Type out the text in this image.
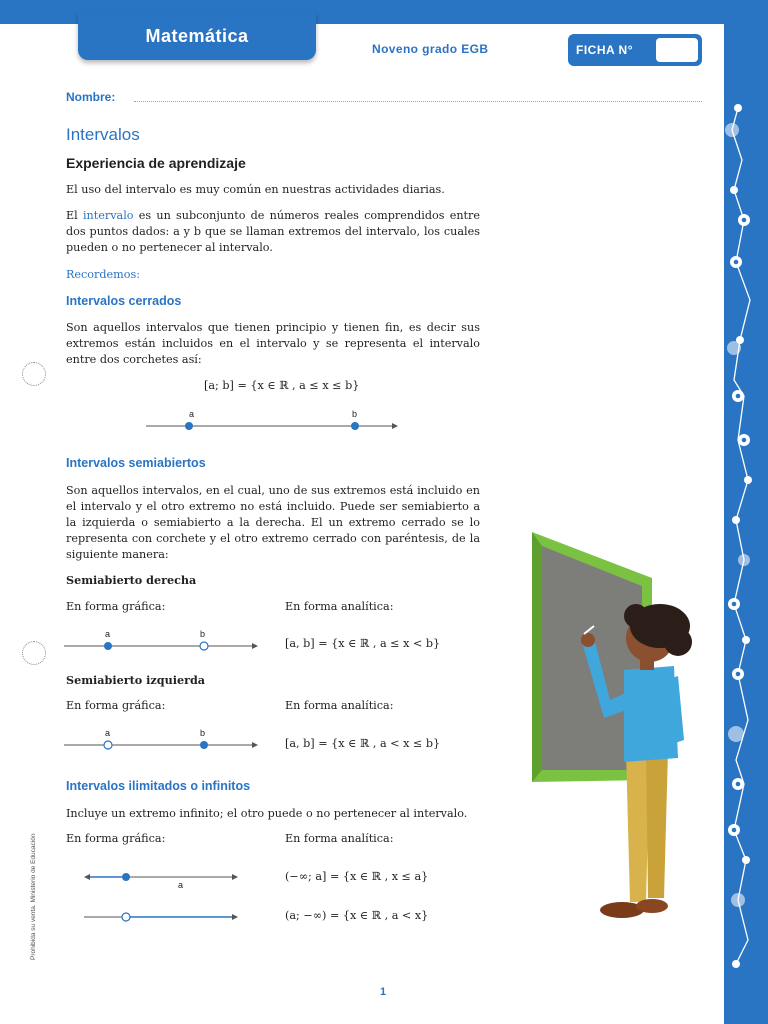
Matemática
Noveno grado EGB	FICHA N°
Nombre:
Intervalos
Experiencia de aprendizaje
El uso del intervalo es muy común en nuestras actividades diarias.
El intervalo es un subconjunto de números reales comprendidos entre dos puntos dados: a y b que se llaman extremos del intervalo, los cuales pueden o no pertenecer al intervalo.
Recordemos:
Intervalos cerrados
Son aquellos intervalos que tienen principio y tienen fin, es decir sus extremos están incluidos en el intervalo y se representa el intervalo entre dos corchetes así:
[a; b] = {x ∈ ℝ , a ≤ x ≤ b}
a	b
Intervalos semiabiertos
Son aquellos intervalos, en el cual, uno de sus extremos está incluido en el intervalo y el otro extremo no está incluido. Puede ser semiabierto a la izquierda o semiabierto a la derecha. El un extremo cerrado se lo representa con corchete y el otro extremo cerrado con paréntesis, de la siguiente manera:
Semiabierto derecha
En forma gráfica:	En forma analítica:
a	b
[a, b] = {x ∈ ℝ , a ≤ x < b}
Semiabierto izquierda
En forma gráfica:	En forma analítica:
a	b
[a, b] = {x ∈ ℝ , a < x ≤ b}
Intervalos ilimitados o infinitos
Incluye un extremo infinito; el otro puede o no pertenecer al intervalo.
En forma gráfica:	En forma analítica:
a
(−∞; a] = {x ∈ ℝ , x ≤ a}
(a; −∞) = {x ∈ ℝ , a < x}
Prohibida su venta. Ministerio de Educación
1
